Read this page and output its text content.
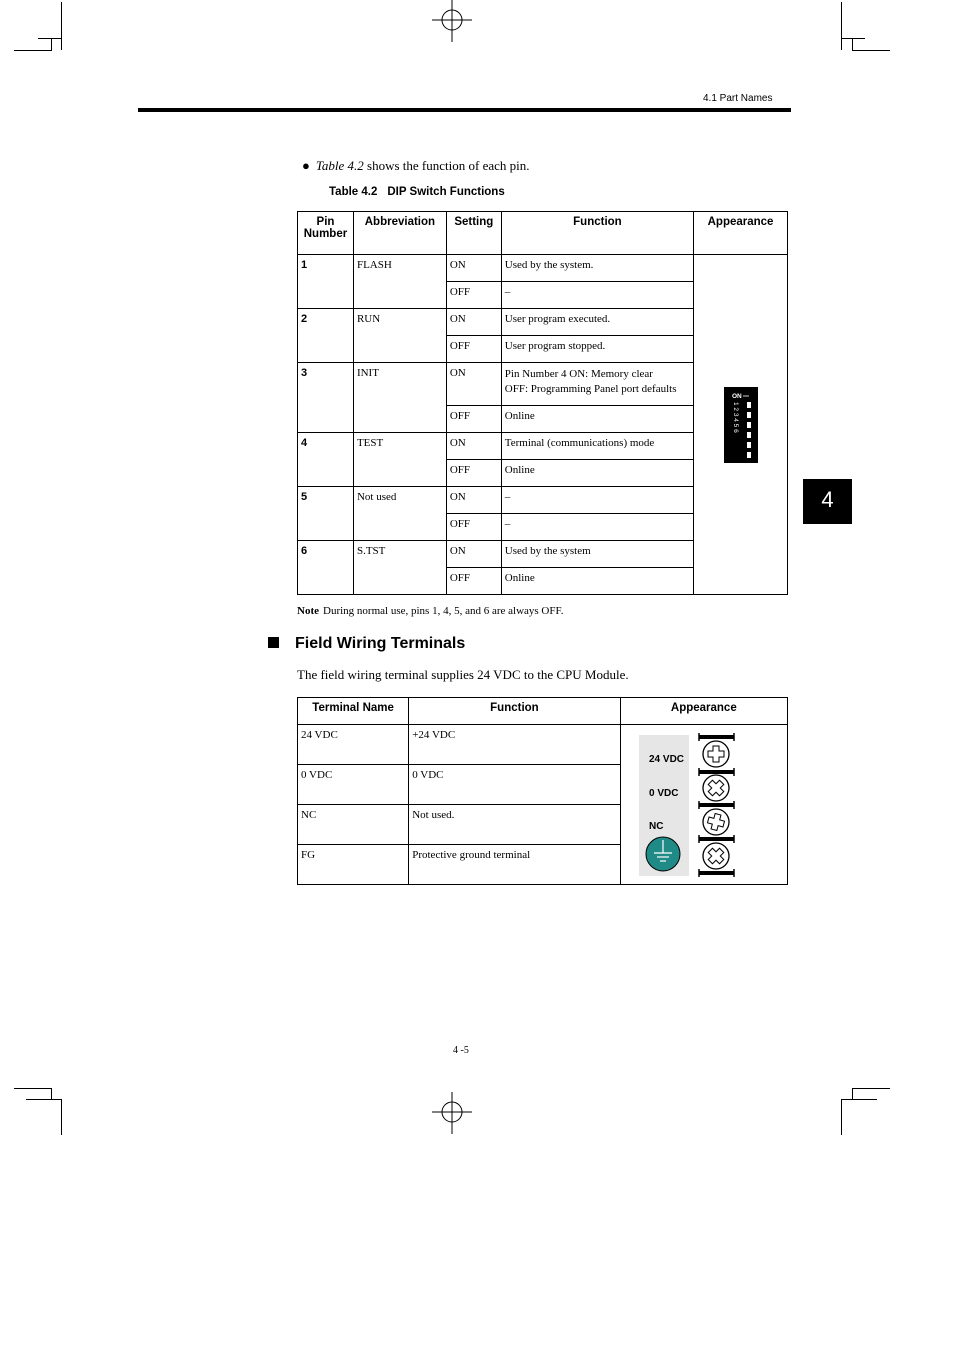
4.1 Part Names
4
● Table 4.2 shows the function of each pin.
Table 4.2 DIP Switch Functions
Pin Number	Abbreviation	Setting	Function	Appearance
1	FLASH	ON	Used by the system.	ON
1 2 3 4 5 6

		OFF	–	
2	RUN	ON	User program executed.	
		OFF	User program stopped.	
3	INIT	ON	Pin Number 4 ON: Memory clear
OFF: Programming Panel port defaults	

		OFF	Online	
4	TEST	ON	Terminal (communications) mode	
		OFF	Online	
5	Not used	ON	–	
		OFF	–	
6	S.TST	ON	Used by the system	
		OFF	Online	
Note During normal use, pins 1, 4, 5, and 6 are always OFF.
Field Wiring Terminals
The field wiring terminal supplies 24 VDC to the CPU Module.
Terminal Name	Function	Appearance
24 VDC	+24 VDC	24 VDC
0 VDC
NC

0 VDC	0 VDC	
NC	Not used.	
FG	Protective ground terminal	
4 -5
